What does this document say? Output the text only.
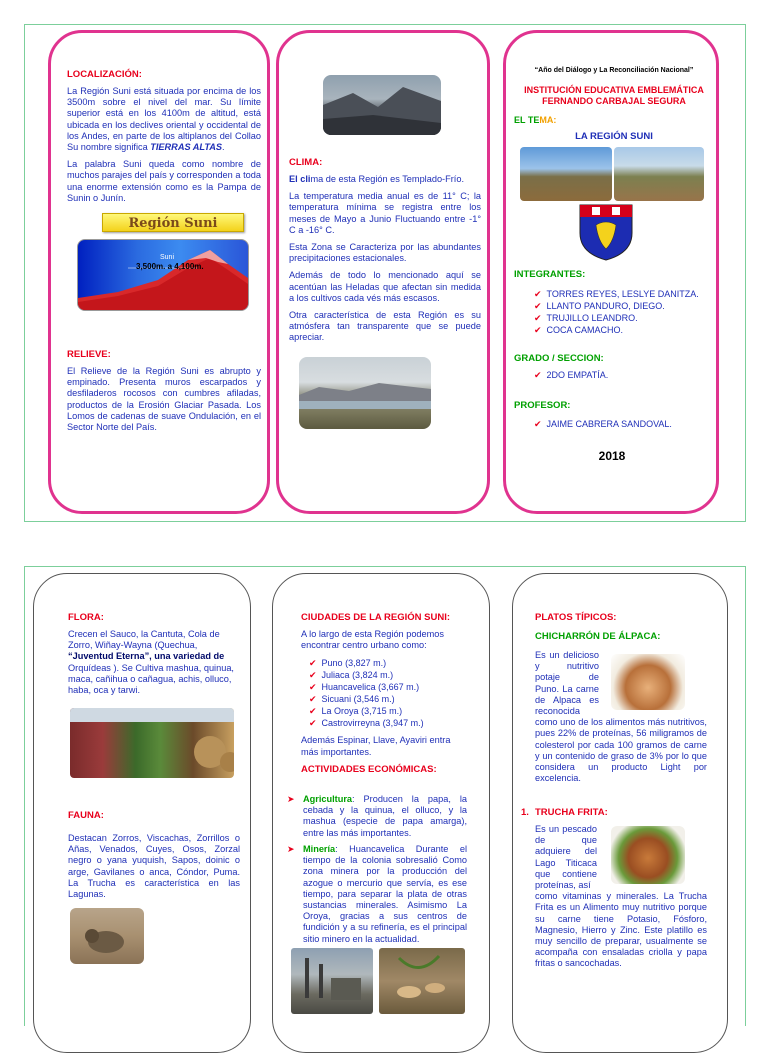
LOCALIZACIÓN:

La Región Suni está situada por encima de los 3500m sobre el nivel del mar. Su límite superior está en los 4100m de altitud, está ubicada en los declives oriental y occidental de los Andes, en parte de los altiplanos del Collao Su nombre significa TIERRAS ALTAS.

La palabra Suni queda como nombre de muchos parajes del país y corresponden a toda una enorme extensión como es la Pampa de Sunin o Junín.

Región Suni
Suni
3,500m. a 4,100m.
RELIEVE:

El Relieve de la Región Suni es abrupto y empinado. Presenta muros escarpados y desfiladeros rocosos con cumbres afiladas, productos de la Erosión Glaciar Pasada. Los Lomos de cadenas de suave Ondulación, en el Sector Norte del País.

CLIMA:

El clima de esta Región es Templado-Frío.

La temperatura media anual es de 11° C; la temperatura mínima se registra entre los meses de Mayo a Junio Fluctuando entre -1° C a -16° C.

Esta Zona se Caracteriza por las abundantes precipitaciones estacionales.

Además de todo lo mencionado aquí se acentúan las Heladas que afectan sin medida a los cultivos cada vés más escasos.

Otra característica de esta Región es su atmósfera tan transparente que se puede apreciar.

“Año del Diálogo y La Reconciliación Nacional”
INSTITUCIÓN EDUCATIVA EMBLEMÁTICA
FERNANDO CARBAJAL SEGURA
EL TEMA:
LA REGIÓN SUNI
INTEGRANTES:
✔ TORRES REYES, LESLYE DANITZA.
✔ LLANTO PANDURO, DIEGO.
✔ TRUJILLO LEANDRO.
✔ COCA CAMACHO.
GRADO / SECCION:
✔ 2DO EMPATÍA.
PROFESOR:
✔ JAIME CABRERA SANDOVAL.
2018
FLORA:

Crecen el Sauco, la Cantuta, Cola de Zorro, Wiñay-Wayna (Quechua, “Juventud Eterna”, una variedad de Orquídeas ). Se Cultiva mashua, quinua, maca, cañihua o cañagua, achis, olluco, haba, oca y tarwi.

FAUNA:

Destacan Zorros, Viscachas, Zorrillos o Añas, Venados, Cuyes, Osos, Zorzal negro o yana yuquish, Sapos, doinic o arge, Gavilanes o anca, Cóndor, Puma. La Trucha es característica en las Lagunas.

CIUDADES DE LA REGIÓN SUNI:

A lo largo de esta Región podemos encontrar centro urbano como:

✔ Puno (3,827 m.)
✔ Juliaca (3,824 m.)
✔ Huancavelica (3,667 m.)
✔ Sicuani (3,546 m.)
✔ La Oroya (3,715 m.)
✔ Castrovirreyna (3,947 m.)

Además Espinar, Llave, Ayaviri entra más importantes.

ACTIVIDADES ECONÓMICAS:
➤ Agricultura: Producen la papa, la cebada y la quinua, el olluco, y la mashua (especie de papa amarga), entre las más importantes.

➤ Minería: Huancavelica Durante el tiempo de la colonia sobresalió Como zona minera por la producción del azogue o mercurio que servía, es ese tiempo, para separar la plata de otras sustancias minerales. Asimismo La Oroya, gracias a sus centros de fundición y a su refinería, es el principal sitio minero en la actualidad.

PLATOS TÍPICOS:
CHICHARRÓN DE ÁLPACA:

Es un delicioso y nutritivo potaje de Puno. La carne de Alpaca es reconocida

como uno de los alimentos más nutritivos, pues 22% de proteínas, 56 miligramos de colesterol por cada 100 gramos de carne y un contenido de graso de 3% por lo que considera un producto Light por excelencia.

1. TRUCHA FRITA:

Es un pescado de que adquiere del Lago Titicaca que contiene proteínas, así

como vitaminas y minerales. La Trucha Frita es un Alimento muy nutritivo porque su carne tiene Potasio, Fósforo, Magnesio, Hierro y Zinc. Este platillo es muy sencillo de preparar, usualmente se acompaña con ensaladas criolla y papa fritas o sancochadas.
